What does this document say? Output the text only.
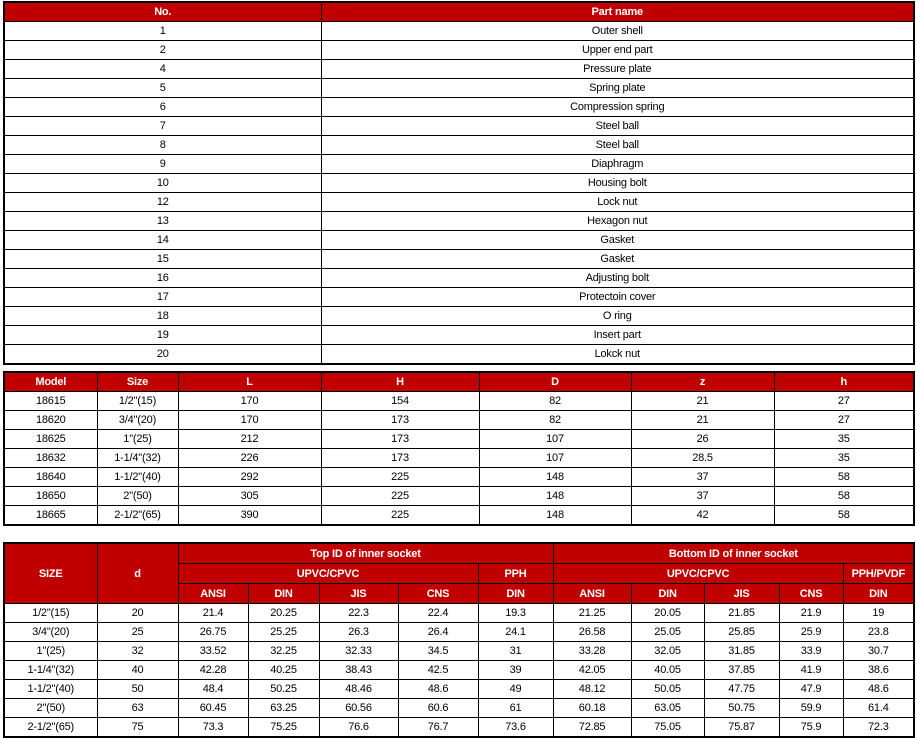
No.	Part name
1	Outer shell
2	Upper end part
4	Pressure plate
5	Spring plate
6	Compression spring
7	Steel ball
8	Steel ball
9	Diaphragm
10	Housing bolt
12	Lock nut
13	Hexagon nut
14	Gasket
15	Gasket
16	Adjusting bolt
17	Protectoin cover
18	O ring
19	Insert part
20	Lokck nut
Model	Size	L	H	D	z	h
18615	1/2"(15)	170	154	82	21	27
18620	3/4"(20)	170	173	82	21	27
18625	1"(25)	212	173	107	26	35
18632	1-1/4"(32)	226	173	107	28.5	35
18640	1-1/2"(40)	292	225	148	37	58
18650	2"(50)	305	225	148	37	58
18665	2-1/2"(65)	390	225	148	42	58
SIZE	d	Top ID of inner socket					Bottom ID of inner socket				
		UPVC/CPVC				PPH	UPVC/CPVC				PPH/PVDF
		ANSI	DIN	JIS	CNS	DIN	ANSI	DIN	JIS	CNS	DIN
1/2"(15)	20	21.4	20.25	22.3	22.4	19.3	21.25	20.05	21.85	21.9	19
3/4"(20)	25	26.75	25.25	26.3	26.4	24.1	26.58	25.05	25.85	25.9	23.8
1"(25)	32	33.52	32.25	32.33	34.5	31	33.28	32.05	31.85	33.9	30.7
1-1/4"(32)	40	42.28	40.25	38.43	42.5	39	42.05	40.05	37.85	41.9	38.6
1-1/2"(40)	50	48.4	50.25	48.46	48.6	49	48.12	50.05	47.75	47.9	48.6
2"(50)	63	60.45	63.25	60.56	60.6	61	60.18	63.05	50.75	59.9	61.4
2-1/2"(65)	75	73.3	75.25	76.6	76.7	73.6	72.85	75.05	75.87	75.9	72.3
